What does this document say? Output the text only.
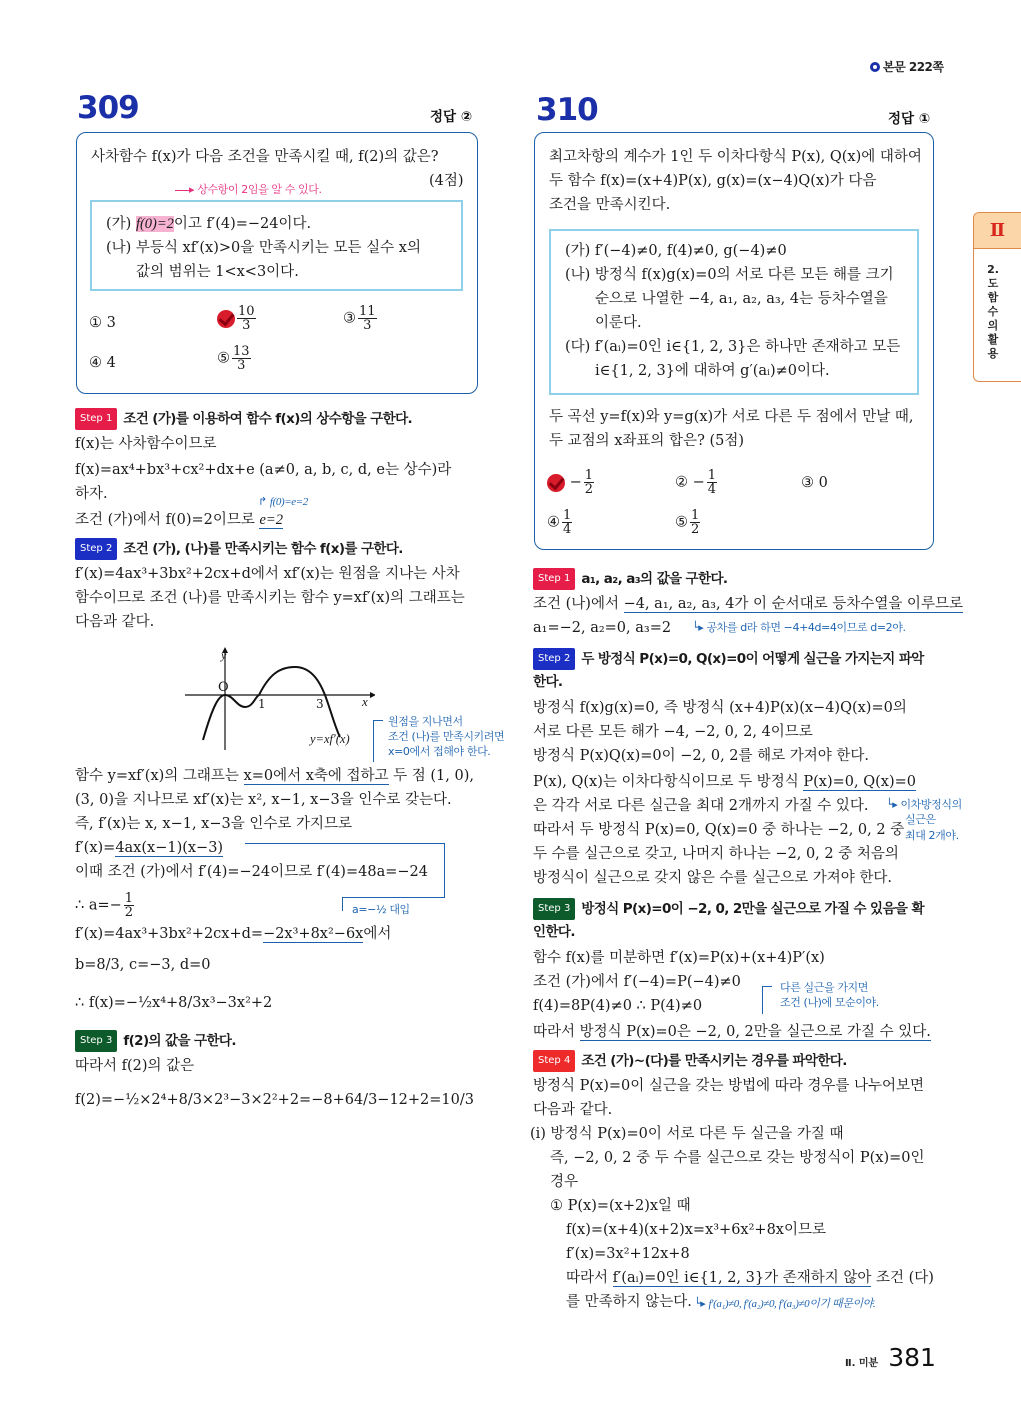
본문 222쪽
Ⅱ
2. 도함수의 활용
309	정답 ②
사차함수 f(x)가 다음 조건을 만족시킬 때, f(2)의 값은?
(4점)
▸ 상수항이 2임을 알 수 있다.
(가) f(0)=2이고 f′(4)=−24이다.
(나) 부등식 xf′(x)>0을 만족시키는 모든 실수 x의
값의 범위는 1<x<3이다.
① 3	$\frac{10}{3}$	③ $\frac{11}{3}$
④ 4	⑤ $\frac{13}{3}$
Step 1 조건 (가)를 이용하여 함수 f(x)의 상수항을 구한다.
f(x)는 사차함수이므로
f(x)=ax⁴+bx³+cx²+dx+e (a≠0, a, b, c, d, e는 상수)라
하자.	↱ f(0)=e=2
조건 (가)에서 f(0)=2이므로 e=2
Step 2 조건 (가), (나)를 만족시키는 함수 f(x)를 구한다.
f′(x)=4ax³+3bx²+2cx+d에서 xf′(x)는 원점을 지나는 사차
함수이므로 조건 (나)를 만족시키는 함수 y=xf′(x)의 그래프는
다음과 같다.
y
x
O
1	3
y=xf′(x)
원점을 지나면서
조건 (나)를 만족시키려면
x=0에서 접해야 한다.
함수 y=xf′(x)의 그래프는 x=0에서 x축에 접하고 두 점 (1, 0),
(3, 0)을 지나므로 xf′(x)는 x², x−1, x−3을 인수로 갖는다.
즉, f′(x)는 x, x−1, x−3을 인수로 가지므로
f′(x)=4ax(x−1)(x−3)
이때 조건 (가)에서 f′(4)=−24이므로 f′(4)=48a=−24
∴ $a=- \frac{1}{2}$	a=−½ 대입
f′(x)=4ax³+3bx²+2cx+d=−2x³+8x²−6x에서
b=8/3, c=−3, d=0
∴ f(x)=−½x⁴+8/3x³−3x²+2
Step 3 f(2)의 값을 구한다.
따라서 f(2)의 값은
f(2)=−½×2⁴+8/3×2³−3×2²+2=−8+64/3−12+2=10/3
310	정답 ①
최고차항의 계수가 1인 두 이차다항식 P(x), Q(x)에 대하여
두 함수 f(x)=(x+4)P(x), g(x)=(x−4)Q(x)가 다음
조건을 만족시킨다.
(가) f′(−4)≠0, f(4)≠0, g(−4)≠0
(나) 방정식 f(x)g(x)=0의 서로 다른 모든 해를 크기
순으로 나열한 −4, a₁, a₂, a₃, 4는 등차수열을
이룬다.
(다) f′(aᵢ)=0인 i∈{1, 2, 3}은 하나만 존재하고 모든
i∈{1, 2, 3}에 대하여 g′(aᵢ)≠0이다.
두 곡선 y=f(x)와 y=g(x)가 서로 다른 두 점에서 만날 때,
두 교점의 x좌표의 합은? (5점)
− $\frac{1}{2}$	② − $\frac{1}{4}$	③ 0
④ $\frac{1}{4}$	⑤ $\frac{1}{2}$
Step 1 a₁, a₂, a₃의 값을 구한다.
조건 (나)에서 −4, a₁, a₂, a₃, 4가 이 순서대로 등차수열을 이루므로
a₁=−2, a₂=0, a₃=2 └▸ 공차를 d라 하면 −4+4d=4이므로 d=2야.
Step 2 두 방정식 P(x)=0, Q(x)=0이 어떻게 실근을 가지는지 파악
한다.
방정식 f(x)g(x)=0, 즉 방정식 (x+4)P(x)(x−4)Q(x)=0의
서로 다른 모든 해가 −4, −2, 0, 2, 4이므로
방정식 P(x)Q(x)=0이 −2, 0, 2를 해로 가져야 한다.
P(x), Q(x)는 이차다항식이므로 두 방정식 P(x)=0, Q(x)=0
은 각각 서로 다른 실근을 최대 2개까지 가질 수 있다.
따라서 두 방정식 P(x)=0, Q(x)=0 중 하나는 −2, 0, 2 중
두 수를 실근으로 갖고, 나머지 하나는 −2, 0, 2 중 처음의
방정식이 실근으로 갖지 않은 수를 실근으로 가져야 한다.
└▸ 이차방정식의
실근은
최대 2개야.
Step 3 방정식 P(x)=0이 −2, 0, 2만을 실근으로 가질 수 있음을 확
인한다.
함수 f(x)를 미분하면 f′(x)=P(x)+(x+4)P′(x)
조건 (가)에서 f′(−4)=P(−4)≠0
f(4)=8P(4)≠0 ∴ P(4)≠0
다른 실근을 가지면
조건 (나)에 모순이야.
따라서 방정식 P(x)=0은 −2, 0, 2만을 실근으로 가질 수 있다.
Step 4 조건 (가)~(다)를 만족시키는 경우를 파악한다.
방정식 P(x)=0이 실근을 갖는 방법에 따라 경우를 나누어보면
다음과 같다.
(i) 방정식 P(x)=0이 서로 다른 두 실근을 가질 때
즉, −2, 0, 2 중 두 수를 실근으로 갖는 방정식이 P(x)=0인
경우
① P(x)=(x+2)x일 때
f(x)=(x+4)(x+2)x=x³+6x²+8x이므로
f′(x)=3x²+12x+8
따라서 f′(aᵢ)=0인 i∈{1, 2, 3}가 존재하지 않아 조건 (다)
를 만족하지 않는다. └▸ f′(a₁)≠0, f′(a₂)≠0, f′(a₃)≠0이기 때문이야.
Ⅱ. 미분 381
